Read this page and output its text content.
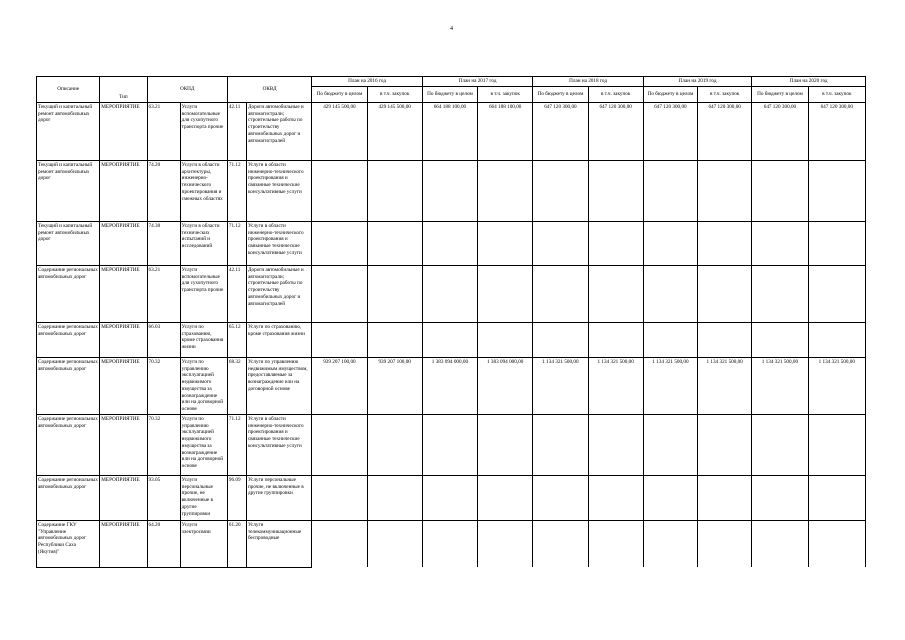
4
Описание	Тип	ОКПД		ОКВД		План на 2016 год		План на 2017 год		План на 2018 год		План на 2019 год		План на 2020 год	
						По бюджету в целом	в т.ч. закупок	По бюджету в целом	в т.ч. закупок	По бюджету в целом	в т.ч. закупок	По бюджету в целом	в т.ч. закупок	По бюджету в целом	в т.ч. закупок
Текущий и капитальный ремонт автомобильных дорог	МЕРОПРИЯТИЕ	63.21	Услуги вспомогательные для сухопутного транспорта прочие	42.11	Дороги автомобильные и автомагистрали; строительные работы по строительству автомобильных дорог и автомагистралей	429 145 500,00	429 145 500,00	664 188 100,00	664 188 100,00	647 120 300,00	647 120 300,00	647 120 300,00	647 120 300,00	647 120 300,00	647 120 300,00
Текущий и капитальный ремонт автомобильных дорог	МЕРОПРИЯТИЕ	74.20	Услуги в области архитектуры, инженерно-технического проектирования и смежных областях	71.12	Услуги в области инженерно-технического проектирования и связанные технические консультативные услуги										
Текущий и капитальный ремонт автомобильных дорог	МЕРОПРИЯТИЕ	74.30	Услуги в области технических испытаний и исследований	71.12	Услуги в области инженерно-технического проектирования и связанные технические консультативные услуги										
Содержание региональных автомобильных дорог	МЕРОПРИЯТИЕ	63.21	Услуги вспомогательные для сухопутного транспорта прочие	42.11	Дороги автомобильные и автомагистрали; строительные работы по строительству автомобильных дорог и автомагистралей										
Содержание региональных автомобильных дорог	МЕРОПРИЯТИЕ	66.03	Услуги по страхованию, кроме страхования жизни	65.12	Услуги по страхованию, кроме страхования жизни										
Содержание региональных автомобильных дорог	МЕРОПРИЯТИЕ	70.32	Услуги по управлению эксплуатацией недвижимого имущества за вознаграждение или на договорной основе	68.32	Услуги по управлению недвижимым имуществом, предоставляемые за вознаграждение или на договорной основе	939 207 100,00	939 207 100,00	1 383 094 000,00	1 383 094 000,00	1 134 321 500,00	1 134 321 500,00	1 134 321 500,00	1 134 321 500,00	1 134 321 500,00	1 134 321 500,00
Содержание региональных автомобильных дорог	МЕРОПРИЯТИЕ	70.32	Услуги по управлению эксплуатацией недвижимого имущества за вознаграждение или на договорной основе	71.12	Услуги в области инженерно-технического проектирования и связанные технические консультативные услуги										
Содержание региональных автомобильных дорог	МЕРОПРИЯТИЕ	93.05	Услуги персональные прочие, не включенные в другие группировки	96.09	Услуги персональные прочие, не включенные в другие группировки										
Содержание ГКУ "Управление автомобильных дорог Республики Саха (Якутия)"	МЕРОПРИЯТИЕ	64.20	Услуги электросвязи	61.20	Услуги телекоммуникационные беспроводные										
